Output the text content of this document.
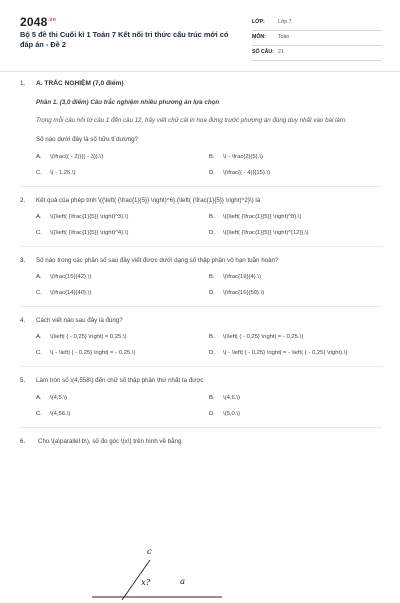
$2048^{.vn}$
Bộ 5 đề thi Cuối kì 1 Toán 7 Kết nối tri thức cấu trúc mới có đáp án - Đề 2
LỚP:	Lớp 7
MÔN:	Toán
SỐ CÂU: 21
1.	A. TRẮC NGHIỆM (7,0 điểm)
Phần 1. (3,0 điểm) Câu trắc nghiệm nhiều phương án lựa chọn
Trong mỗi câu hỏi từ câu 1 đến câu 12, hãy viết chữ cái in hoa đứng trước phương án đúng duy nhất vào bài làm.
Số nào dưới đây là số hữu tỉ dương?
A.	\(\frac{( - 2)}{( - 3)}.\)	B.	\( - \frac{2}{5}.\)
C.	\( - 1,25.\)	D.	\(\frac{( - 4)}{15}.\)
2.	Kết quả của phép tính \({\left( {\frac{1}{5}} \right)^6}.{\left( {\frac{1}{5}} \right)^2}\) là
A.	\({\left( {\frac{1}{5}} \right)^3}.\)	B.	\({\left( {\frac{1}{5}} \right)^8}.\)
C.	\({\left( {\frac{1}{5}} \right)^4}.\)	D.	\({\left( {\frac{1}{5}} \right)^{12}}.\)
3.	Số nào trong các phân số sau đây viết được dưới dạng số thập phân vô hạn tuần hoàn?
A.	\(\frac{15}{42}.\)	B.	\(\frac{19}{4}.\)
C.	\(\frac{14}{40}.\)	D.	\(\frac{16}{50}.\)
4.	Cách viết nào sau đây là đúng?
A.	\(\left| { - 0,25} \right| = 0,25.\)	B.	\(\left| { - 0,25} \right| = - 0,25.\)
C.	\( - \left| { - 0,25} \right| = - 0,25.\)	D.	\( - \left| { - 0,25} \right| = - \left( { - 0,25} \right).\)
5.	Làm tròn số \(4,558\) đến chữ số thập phân thứ nhất ta được
A.	\(4,5.\)	B.	\(4,6.\)
C.	\(4,56.\)	D.	\(5,0.\)
6.	Cho \(a\parallel b\), số đo góc \(x\) trên hình vẽ bằng
c
x?	a
